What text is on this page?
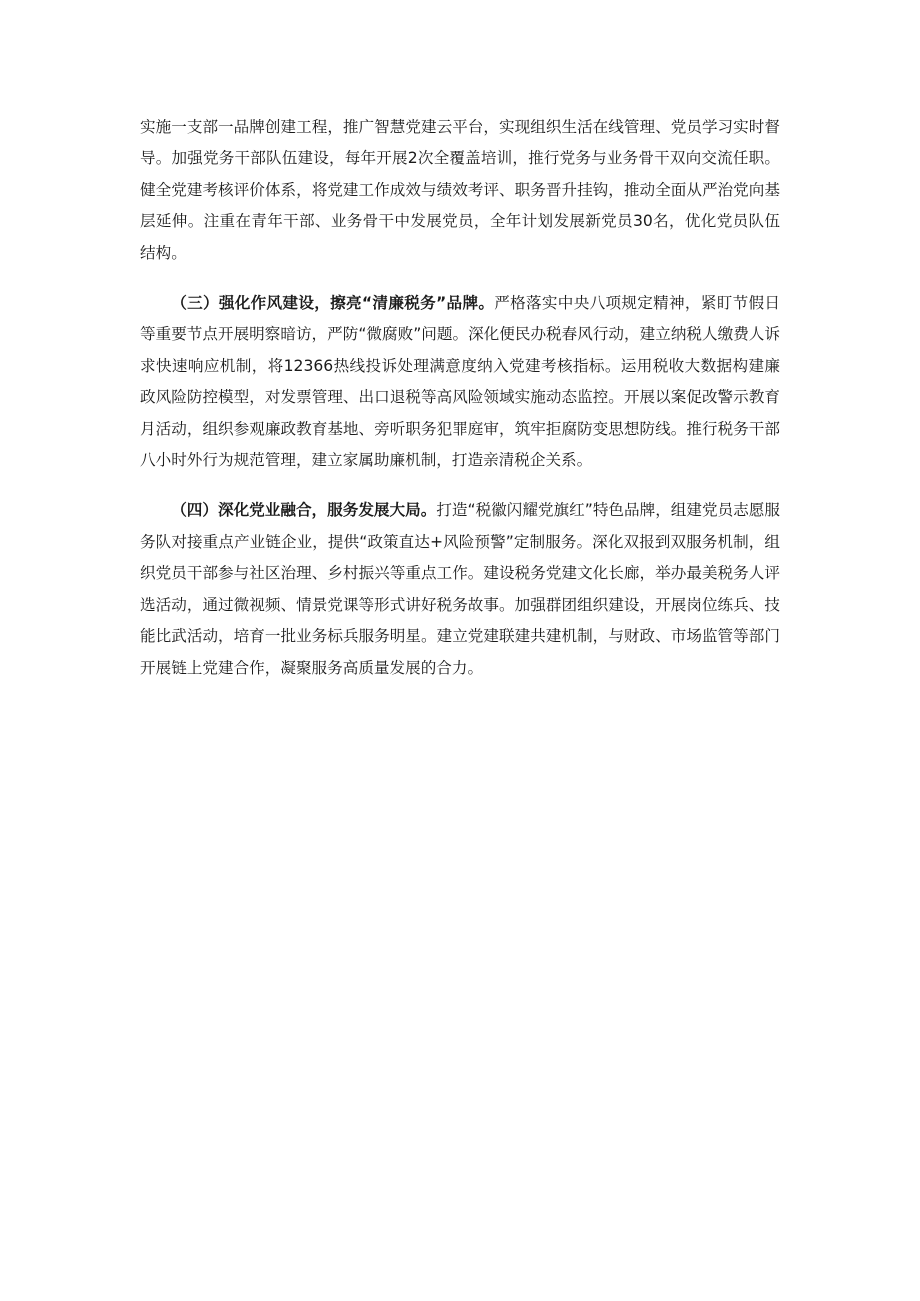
实施一支部一品牌创建工程，推广智慧党建云平台，实现组织生活在线管理、党员学习实时督导。加强党务干部队伍建设，每年开展2次全覆盖培训，推行党务与业务骨干双向交流任职。健全党建考核评价体系，将党建工作成效与绩效考评、职务晋升挂钩，推动全面从严治党向基层延伸。注重在青年干部、业务骨干中发展党员，全年计划发展新党员30名，优化党员队伍结构。

（三）强化作风建设，擦亮“清廉税务”品牌。严格落实中央八项规定精神，紧盯节假日等重要节点开展明察暗访，严防“微腐败”问题。深化便民办税春风行动，建立纳税人缴费人诉求快速响应机制，将12366热线投诉处理满意度纳入党建考核指标。运用税收大数据构建廉政风险防控模型，对发票管理、出口退税等高风险领域实施动态监控。开展以案促改警示教育月活动，组织参观廉政教育基地、旁听职务犯罪庭审，筑牢拒腐防变思想防线。推行税务干部八小时外行为规范管理，建立家属助廉机制，打造亲清税企关系。

（四）深化党业融合，服务发展大局。打造“税徽闪耀党旗红”特色品牌，组建党员志愿服务队对接重点产业链企业，提供“政策直达+风险预警”定制服务。深化双报到双服务机制，组织党员干部参与社区治理、乡村振兴等重点工作。建设税务党建文化长廊，举办最美税务人评选活动，通过微视频、情景党课等形式讲好税务故事。加强群团组织建设，开展岗位练兵、技能比武活动，培育一批业务标兵服务明星。建立党建联建共建机制，与财政、市场监管等部门开展链上党建合作，凝聚服务高质量发展的合力。
